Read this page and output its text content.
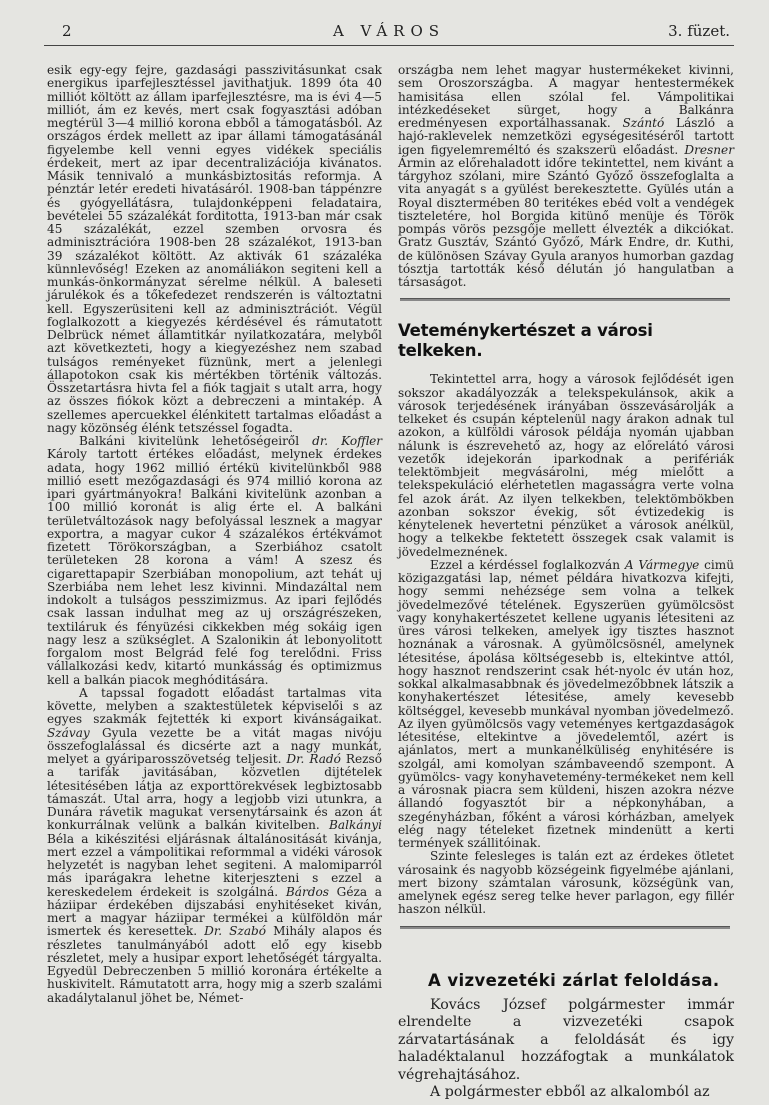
2	A VÁROS	3. füzet.

esik egy-egy fejre, gazdasági passzivitásunkat csak energikus iparfejlesztéssel javithatjuk. 1899 óta 40 milliót költött az állam iparfejlesztésre, ma is évi 4—5 milliót, ám ez kevés, mert csak fogyasztási adóban megtérül 3—4 millió korona ebből a támogatásból. Az országos érdek mellett az ipar állami támogatásánál figyelembe kell venni egyes vidékek speciális érdekeit, mert az ipar decentralizációja kivánatos. Másik tennivaló a munkásbiztositás reformja. A pénztár letér eredeti hivatásáról. 1908-ban táppénzre és gyógyellátásra, tulajdonképpeni feladataira, bevételei 55 százalékát forditotta, 1913-ban már csak 45 százalékát, ezzel szemben orvosra és adminisztrációra 1908-ben 28 százalékot, 1913-ban 39 százalékot költött. Az aktivák 61 százaléka künnlevőség! Ezeken az anomáliákon segiteni kell a munkás-önkormányzat sérelme nélkül. A baleseti járulékok és a tőkefedezet rendszerén is változtatni kell. Egyszerüsiteni kell az adminisztrációt. Végül foglalkozott a kiegyezés kérdésével és rámutatott Delbrück német államtitkár nyilatkozatára, melyből azt következteti, hogy a kiegyezéshez nem szabad tulságos reményeket füznünk, mert a jelenlegi állapotokon csak kis mértékben történik változás. Összetartásra hivta fel a fiók tagjait s utalt arra, hogy az összes fiókok közt a debreczeni a mintakép. A szellemes apercuekkel élénkitett tartalmas előadást a nagy közönség élénk tetszéssel fogadta.

Balkáni kivitelünk lehetőségeiről dr. Koffler Károly tartott értékes előadást, melynek érdekes adata, hogy 1962 millió értékü kivitelünkből 988 millió esett mezőgazdasági és 974 millió korona az ipari gyártmányokra! Balkáni kivitelünk azonban a 100 millió koronát is alig érte el. A balkáni területváltozások nagy befolyással lesznek a magyar exportra, a magyar cukor 4 százalékos értékvámot fizetett Törökországban, a Szerbiához csatolt területeken 28 korona a vám! A szesz és cigarettapapir Szerbiában monopolium, azt tehát uj Szerbiába nem lehet lesz kivinni. Mindazáltal nem indokolt a tulságos pesszimizmus. Az ipari fejlődés csak lassan indulhat meg az uj országrészeken, textiláruk és fényüzési cikkekben még sokáig igen nagy lesz a szükséglet. A Szalonikin át lebonyolitott forgalom most Belgrád felé fog terelődni. Friss vállalkozási kedv, kitartó munkásság és optimizmus kell a balkán piacok meghóditására.

A tapssal fogadott előadást tartalmas vita követte, melyben a szaktestületek képviselői s az egyes szakmák fejtették ki export kivánságaikat. Szávay Gyula vezette be a vitát magas nivóju összefoglalással és dicsérte azt a nagy munkát, melyet a gyáriparosszövetség teljesit. Dr. Radó Rezső a tarifák javitásában, közvetlen dijtételek létesitésében látja az exporttörekvések legbiztosabb támaszát. Utal arra, hogy a legjobb vizi utunkra, a Dunára rávetik magukat versenytársaink és azon át konkurrálnak velünk a balkán kivitelben. Balkányi Béla a kikészitési eljárásnak általánositását kivánja, mert ezzel a vámpolitikai reformmal a vidéki városok helyzetét is nagyban lehet segiteni. A malomiparról más iparágakra lehetne kiterjeszteni s ezzel a kereskedelem érdekeit is szolgálná. Bárdos Géza a háziipar érdekében dijszabási enyhitéseket kiván, mert a magyar háziipar termékei a külföldön már ismertek és keresettek. Dr. Szabó Mihály alapos és részletes tanulmányából adott elő egy kisebb részletet, mely a husipar export lehetőségét tárgyalta. Egyedül Debreczenben 5 millió koronára értékelte a huskivitelt. Rámutatott arra, hogy mig a szerb szalámi akadálytalanul jöhet be, Német-

országba nem lehet magyar hustermékeket kivinni, sem Oroszországba. A magyar hentestermékek hamisitása ellen szólal fel. Vámpolitikai intézkedéseket sürget, hogy a Balkánra eredményesen exportálhassanak. Szántó László a hajó-raklevelek nemzetközi egységesitéséről tartott igen figyelemreméltó és szakszerü előadást. Dresner Ármin az előrehaladott időre tekintettel, nem kivánt a tárgyhoz szólani, mire Szántó Győző összefoglalta a vita anyagát s a gyülést berekesztette. Gyülés után a Royal disztermében 80 teritékes ebéd volt a vendégek tiszteletére, hol Borgida kitünő menüje és Török pompás vörös pezsgője mellett élvezték a dikciókat. Gratz Gusztáv, Szántó Győző, Márk Endre, dr. Kuthi, de különösen Szávay Gyula aranyos humorban gazdag tósztja tartották késő délután jó hangulatban a társaságot.

Veteménykertészet a városi telkeken.

Tekintettel arra, hogy a városok fejlődését igen sokszor akadályozzák a telekspekulánsok, akik a városok terjedésének irányában összevásárolják a telkeket és csupán képtelenül nagy árakon adnak tul azokon, a külföldi városok példája nyomán ujabban nálunk is észrevehető az, hogy az előrelátó városi vezetők idejekorán iparkodnak a perifériák telektömbjeit megvásárolni, még mielőtt a telekspekuláció elérhetetlen magasságra verte volna fel azok árát. Az ilyen telkekben, telektömbökben azonban sokszor évekig, sőt évtizedekig is kénytelenek hevertetni pénzüket a városok anélkül, hogy a telkekbe fektetett összegek csak valamit is jövedelmeznének.

Ezzel a kérdéssel foglalkozván A Vármegye cimü közigazgatási lap, német példára hivatkozva kifejti, hogy semmi nehézsége sem volna a telkek jövedelmezővé tételének. Egyszerüen gyümölcsöst vagy konyhakertészetet kellene ugyanis létesiteni az üres városi telkeken, amelyek igy tisztes hasznot hoznának a városnak. A gyümölcsösnél, amelynek létesitése, ápolása költségesebb is, eltekintve attól, hogy hasznot rendszerint csak hét-nyolc év után hoz, sokkal alkalmasabbnak és jövedelmezőbbnek látszik a konyhakertészet létesitése, amely kevesebb költséggel, kevesebb munkával nyomban jövedelmező. Az ilyen gyümölcsös vagy veteményes kertgazdaságok létesitése, eltekintve a jövedelemtől, azért is ajánlatos, mert a munkanélküliség enyhitésére is szolgál, ami komolyan számbaveendő szempont. A gyümölcs- vagy konyhavetemény-termékeket nem kell a városnak piacra sem küldeni, hiszen azokra nézve állandó fogyasztót bir a népkonyhában, a szegényházban, főként a városi kórházban, amelyek elég nagy tételeket fizetnek mindenütt a kerti termények szállitóinak.

Szinte felesleges is talán ezt az érdekes ötletet városaink és nagyobb községeink figyelmébe ajánlani, mert bizony számtalan városunk, községünk van, amelynek egész sereg telke hever parlagon, egy fillér haszon nélkül.

A vizvezetéki zárlat feloldása.

Kovács József polgármester immár elrendelte a vizvezetéki csapok zárvatartásának a feloldását és igy haladéktalanul hozzáfogtak a munkálatok végrehajtásához.

A polgármester ebből az alkalomból az
